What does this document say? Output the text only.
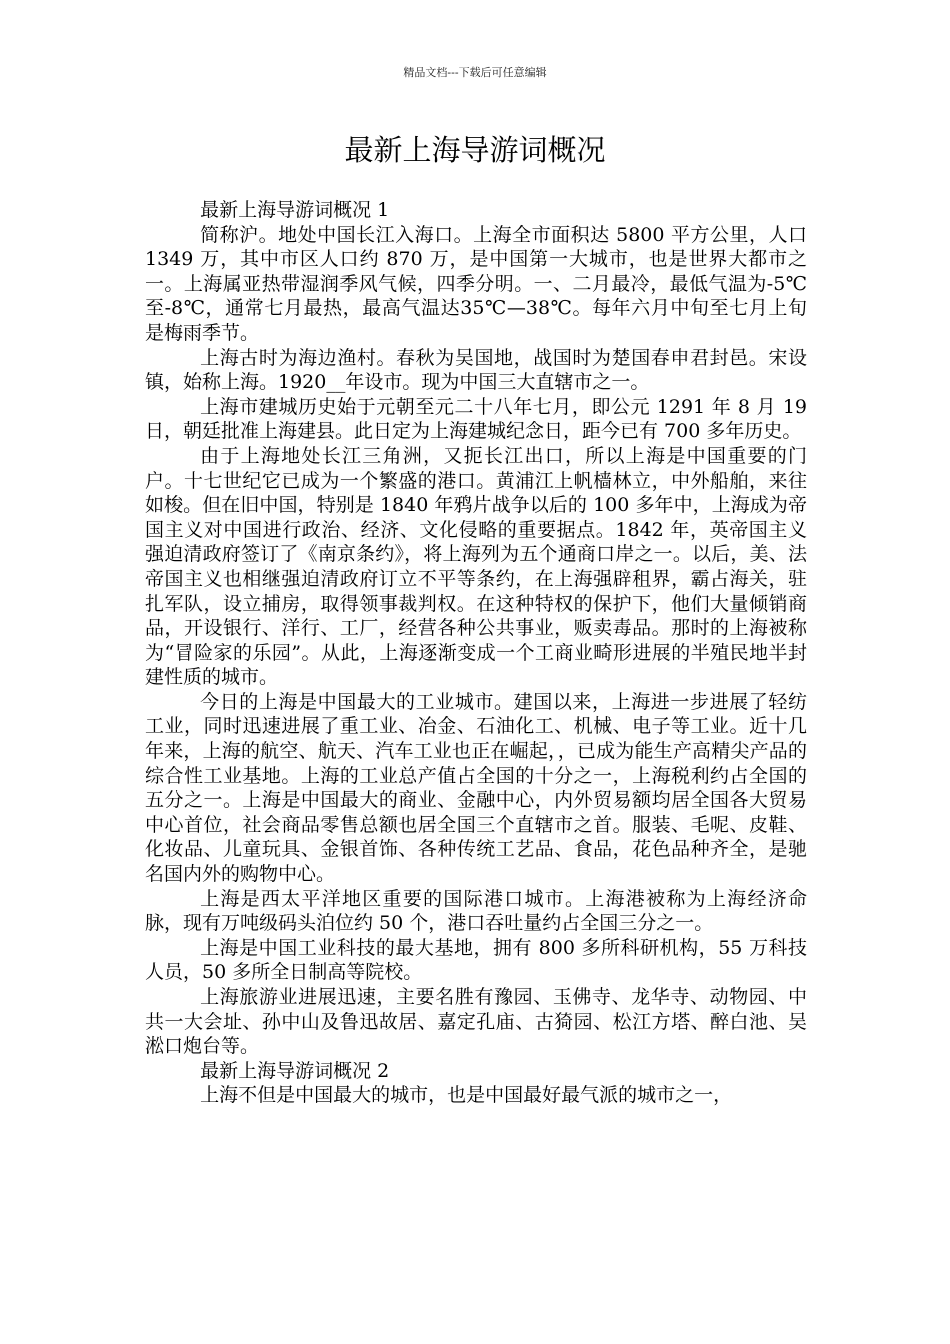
精品文档---下载后可任意编辑
最新上海导游词概况

最新上海导游词概况 1

简称沪。地处中国长江入海口。上海全市面积达 5800 平方公里，人口 1349 万，其中市区人口约 870 万，是中国第一大城市，也是世界大都市之一。上海属亚热带湿润季风气候，四季分明。一、二月最冷，最低气温为-5℃至-8℃，通常七月最热，最高气温达35℃—38℃。每年六月中旬至七月上旬是梅雨季节。

上海古时为海边渔村。春秋为吴国地，战国时为楚国春申君封邑。宋设镇，始称上海。1920__年设市。现为中国三大直辖市之一。

上海市建城历史始于元朝至元二十八年七月，即公元 1291 年 8 月 19 日，朝廷批准上海建县。此日定为上海建城纪念日，距今已有 700 多年历史。

由于上海地处长江三角洲，又扼长江出口，所以上海是中国重要的门户。十七世纪它已成为一个繁盛的港口。黄浦江上帆樯林立，中外船舶，来往如梭。但在旧中国，特别是 1840 年鸦片战争以后的 100 多年中，上海成为帝国主义对中国进行政治、经济、文化侵略的重要据点。1842 年，英帝国主义强迫清政府签订了《南京条约》，将上海列为五个通商口岸之一。以后，美、法帝国主义也相继强迫清政府订立不平等条约，在上海强辟租界，霸占海关，驻扎军队，设立捕房，取得领事裁判权。在这种特权的保护下，他们大量倾销商品，开设银行、洋行、工厂，经营各种公共事业，贩卖毒品。那时的上海被称为“冒险家的乐园”。从此，上海逐渐变成一个工商业畸形进展的半殖民地半封建性质的城市。

今日的上海是中国最大的工业城市。建国以来，上海进一步进展了轻纺工业，同时迅速进展了重工业、冶金、石油化工、机械、电子等工业。近十几年来，上海的航空、航天、汽车工业也正在崛起，，已成为能生产高精尖产品的综合性工业基地。上海的工业总产值占全国的十分之一，上海税利约占全国的五分之一。上海是中国最大的商业、金融中心，内外贸易额均居全国各大贸易中心首位，社会商品零售总额也居全国三个直辖市之首。服装、毛呢、皮鞋、化妆品、儿童玩具、金银首饰、各种传统工艺品、食品，花色品种齐全，是驰名国内外的购物中心。

上海是西太平洋地区重要的国际港口城市。上海港被称为上海经济命脉，现有万吨级码头泊位约 50 个，港口吞吐量约占全国三分之一。

上海是中国工业科技的最大基地，拥有 800 多所科研机构，55 万科技人员，50 多所全日制高等院校。

上海旅游业进展迅速，主要名胜有豫园、玉佛寺、龙华寺、动物园、中共一大会址、孙中山及鲁迅故居、嘉定孔庙、古猗园、松江方塔、醉白池、吴淞口炮台等。

最新上海导游词概况 2

上海不但是中国最大的城市，也是中国最好最气派的城市之一，
